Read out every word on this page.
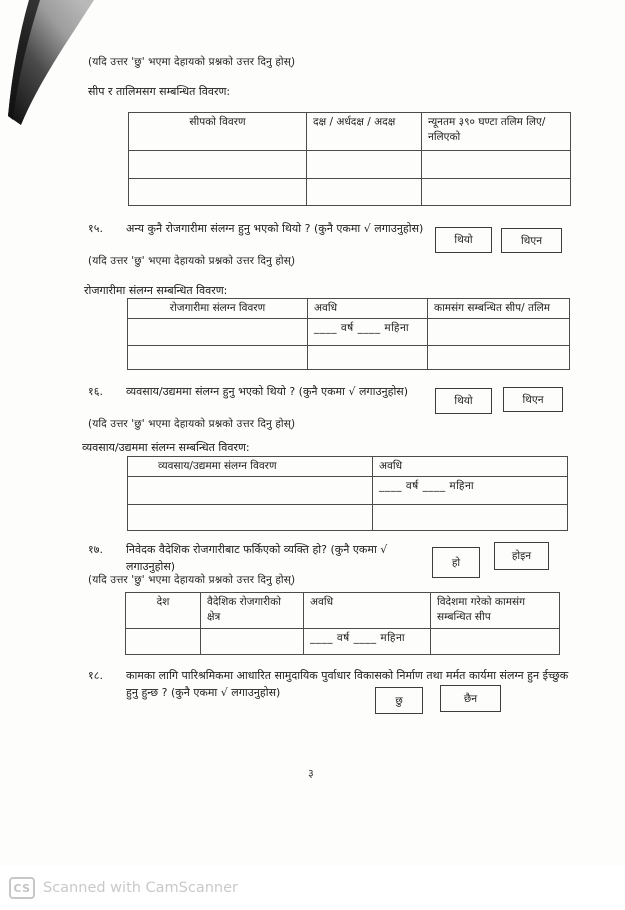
(यदि उत्तर 'छु' भएमा देहायको प्रश्नको उत्तर दिनु होस्)
सीप र तालिमसग सम्बन्धित विवरण:
सीपको विवरण	दक्ष / अर्धदक्ष / अदक्ष	न्यूनतम ३९० घण्टा तलिम लिए/नलिएको

१५.	अन्य कुनै रोजगारीमा संलग्न हुनु भएको थियो ? (कुनै एकमा √ लगाउनुहोस)
थियो	थिएन
(यदि उत्तर 'छु' भएमा देहायको प्रश्नको उत्तर दिनु होस्)
रोजगारीमा संलग्न सम्बन्धित विवरण:
रोजगारीमा संलग्न विवरण	अवधि	कामसंग सम्बन्धित सीप/ तलिम
	____ वर्ष ____ महिना	

१६.	व्यवसाय/उद्यममा संलग्न हुनु भएको थियो ? (कुनै एकमा √ लगाउनुहोस)
थियो	थिएन
(यदि उत्तर 'छु' भएमा देहायको प्रश्नको उत्तर दिनु होस्)
व्यवसाय/उद्यममा संलग्न सम्बन्धित विवरण:
व्यवसाय/उद्यममा संलग्न विवरण	अवधि
	____ वर्ष ____ महिना

१७.	निवेदक वैदेशिक रोजगारीबाट फर्किएको व्यक्ति हो? (कुनै एकमा √ लगाउनुहोस)	हो
होइन
(यदि उत्तर 'छु' भएमा देहायको प्रश्नको उत्तर दिनु होस्)
देश	वैदेशिक रोजगारीको क्षेत्र	अवधि	विदेशमा गरेको कामसंग सम्बन्धित सीप
		____ वर्ष ____ महिना	
१८.	कामका लागि पारिश्रमिकमा आधारित सामुदायिक पुर्वाधार विकासको निर्माण तथा मर्मत कार्यमा संलग्न हुन ईच्छुक हुनु हुन्छ ? (कुनै एकमा √ लगाउनुहोस)
छु	छैन
३
CS Scanned with CamScanner
